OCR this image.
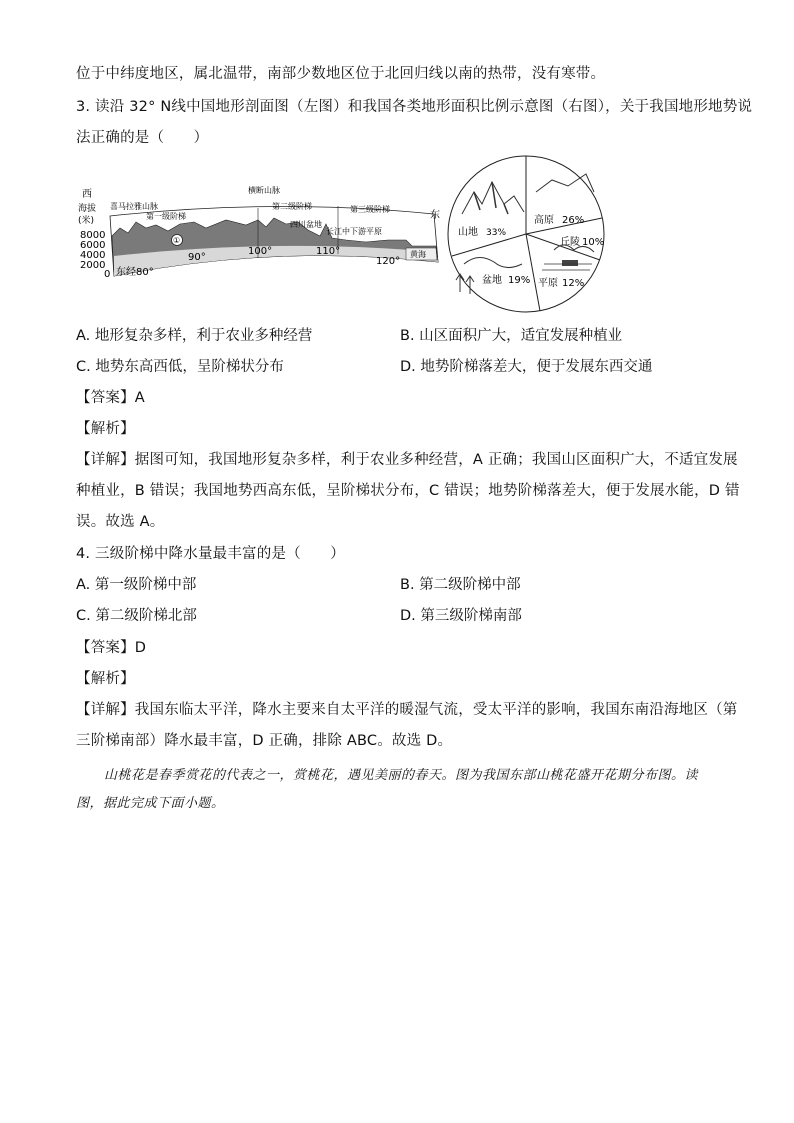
位于中纬度地区，属北温带，南部少数地区位于北回归线以南的热带，没有寒带。
3. 读沿 32° N线中国地形剖面图（左图）和我国各类地形面积比例示意图（右图），关于我国地形地势说
法正确的是（　　）
西
海拔
(米)
8000
6000
4000
2000
0
东
喜马拉雅山脉
第一级阶梯
横断山脉
第二级阶梯	第三级阶梯
四川盆地
长江中下游平原
黄海
①
东经80°
90°
100°	110°
120°
山地 33%
高原 26%
丘陵 10%
平原 12%
盆地 19%
A. 地形复杂多样，利于农业多种经营	B. 山区面积广大，适宜发展种植业
C. 地势东高西低，呈阶梯状分布	D. 地势阶梯落差大，便于发展东西交通
【答案】A
【解析】
【详解】据图可知，我国地形复杂多样，利于农业多种经营，A 正确；我国山区面积广大，不适宜发展
种植业，B 错误；我国地势西高东低，呈阶梯状分布，C 错误；地势阶梯落差大，便于发展水能，D 错
误。故选 A。
4. 三级阶梯中降水量最丰富的是（　　）
A. 第一级阶梯中部	B. 第二级阶梯中部
C. 第二级阶梯北部	D. 第三级阶梯南部
【答案】D
【解析】
【详解】我国东临太平洋，降水主要来自太平洋的暖湿气流，受太平洋的影响，我国东南沿海地区（第
三阶梯南部）降水最丰富，D 正确，排除 ABC。故选 D。
山桃花是春季赏花的代表之一，赏桃花，遇见美丽的春天。图为我国东部山桃花盛开花期分布图。读
图，据此完成下面小题。
